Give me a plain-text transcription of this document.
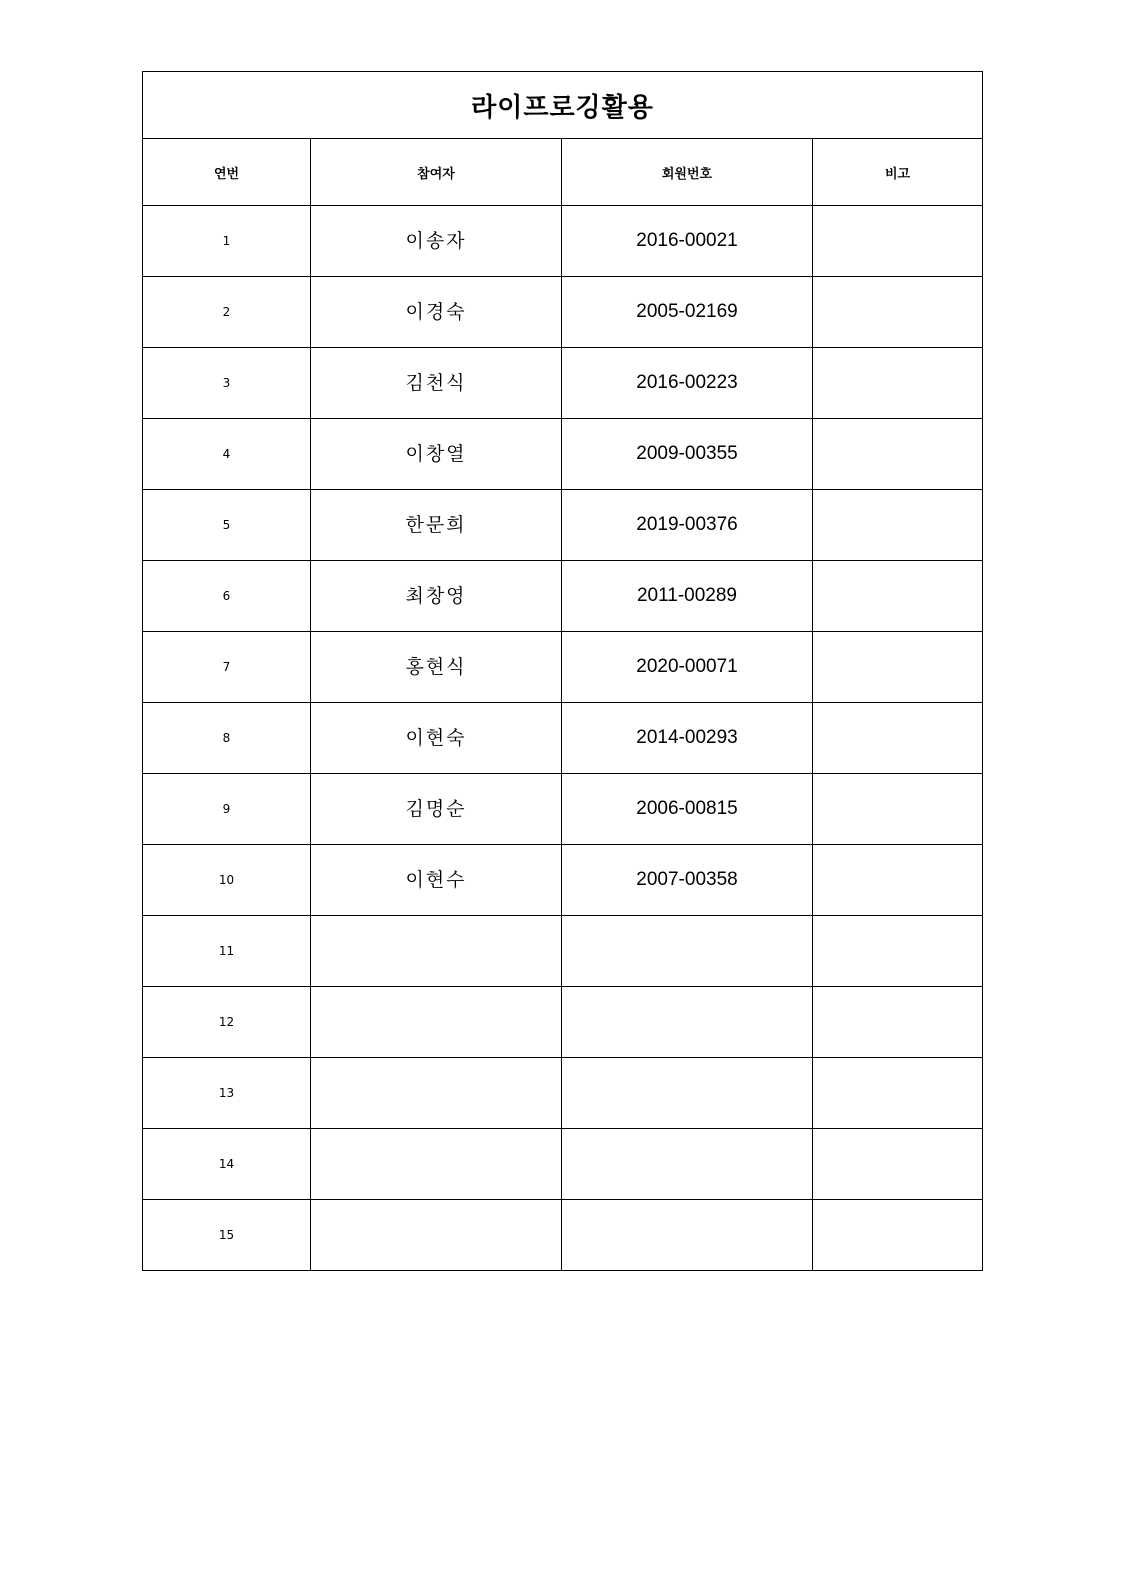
라이프로깅활용			
연번	참여자	회원번호	비고
1	이송자	2016-00021	
2	이경숙	2005-02169	
3	김천식	2016-00223	
4	이창열	2009-00355	
5	한문희	2019-00376	
6	최창영	2011-00289	
7	홍현식	2020-00071	
8	이현숙	2014-00293	
9	김명순	2006-00815	
10	이현수	2007-00358	
11			
12			
13			
14			
15			
